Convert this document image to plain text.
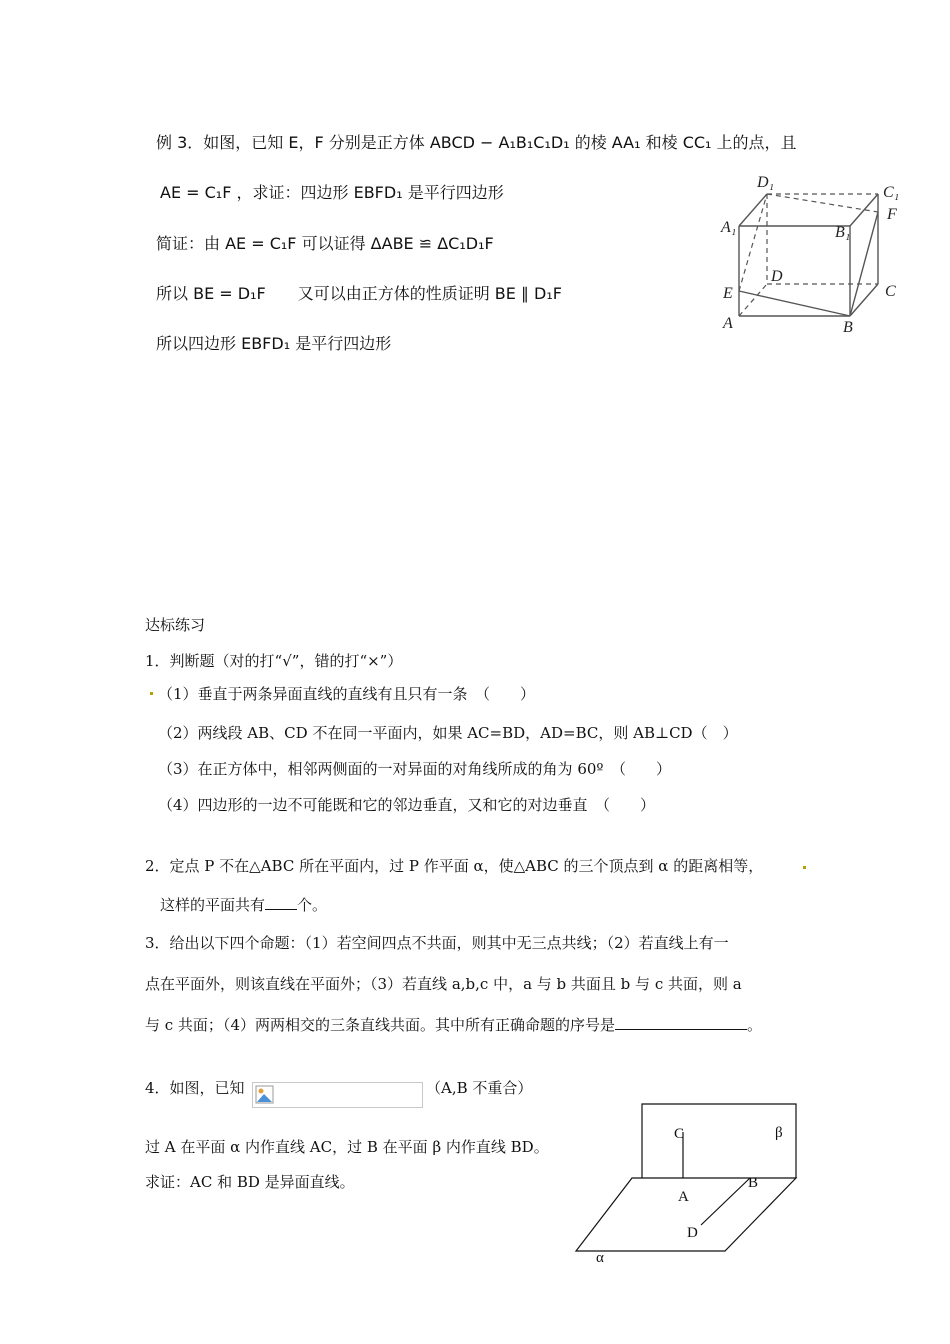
例 3．如图，已知 E，F 分别是正方体 ABCD − A₁B₁C₁D₁ 的棱 AA₁ 和棱 CC₁ 上的点，且
AE = C₁F ，求证：四边形 EBFD₁ 是平行四边形
简证：由 AE = C₁F 可以证得 ΔABE ≌ ΔC₁D₁F
所以 BE = D₁F　　又可以由正方体的性质证明 BE ∥ D₁F
所以四边形 EBFD₁ 是平行四边形
D₁
C₁
F
A₁	B₁
D
E	C
A	B
达标练习
1．判断题（对的打“√”，错的打“×”）
（1）垂直于两条异面直线的直线有且只有一条　（　　）
（2）两线段 AB、CD 不在同一平面内，如果 AC=BD，AD=BC，则 AB⊥CD（　）
（3）在正方体中，相邻两侧面的一对异面的对角线所成的角为 60º　（　　）
（4）四边形的一边不可能既和它的邻边垂直，又和它的对边垂直　（　　）
2．定点 P 不在△ABC 所在平面内，过 P 作平面 α，使△ABC 的三个顶点到 α 的距离相等，
这样的平面共有 个。
3．给出以下四个命题：（1）若空间四点不共面，则其中无三点共线；（2）若直线上有一
点在平面外，则该直线在平面外；（3）若直线 a,b,c 中，a 与 b 共面且 b 与 c 共面，则 a
与 c 共面；（4）两两相交的三条直线共面。其中所有正确命题的序号是	。
4．如图，已知	（A,B 不重合）
过 A 在平面 α 内作直线 AC，过 B 在平面 β 内作直线 BD。
求证：AC 和 BD 是异面直线。
C	β
A
B
D
α
